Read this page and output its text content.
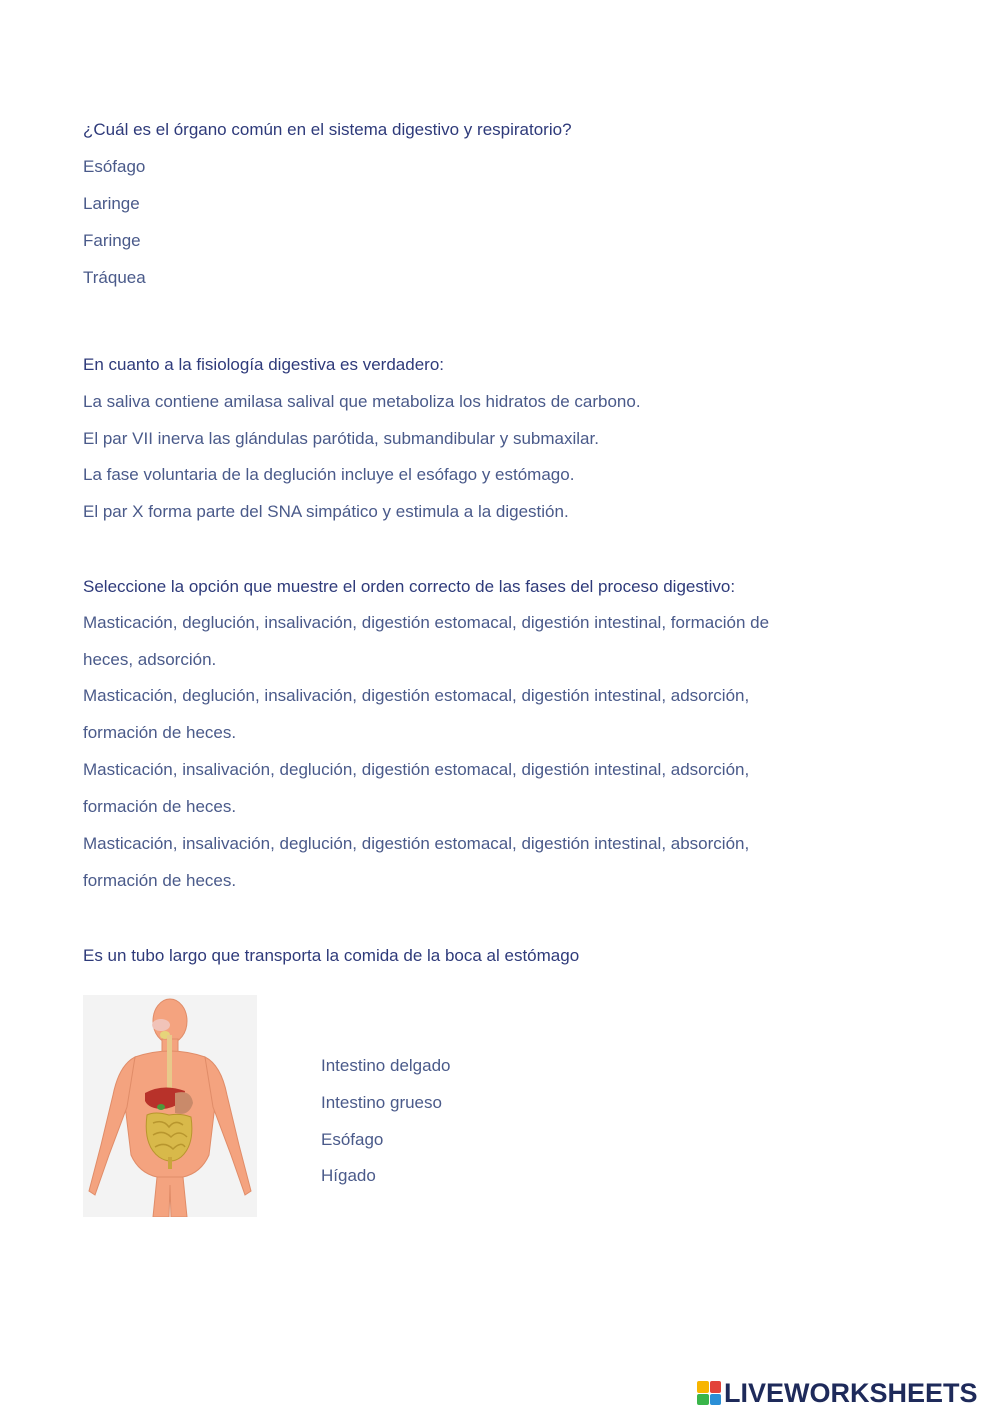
¿Cuál es el órgano común en el sistema digestivo y respiratorio?

Esófago

Laringe

Faringe

Tráquea

En cuanto a la fisiología digestiva es verdadero:

La saliva contiene amilasa salival que metaboliza los hidratos de carbono.

El par VII inerva las glándulas parótida, submandibular y submaxilar.

La fase voluntaria de la deglución incluye el esófago y estómago.

El par X forma parte del SNA simpático y estimula a la digestión.

Seleccione la opción que muestre el orden correcto de las fases del proceso digestivo:

Masticación, deglución, insalivación, digestión estomacal, digestión intestinal, formación de

heces, adsorción.

Masticación, deglución, insalivación, digestión estomacal, digestión intestinal, adsorción,

formación de heces.

Masticación, insalivación, deglución, digestión estomacal, digestión intestinal, adsorción,

formación de heces.

Masticación, insalivación, deglución, digestión estomacal, digestión intestinal, absorción,

formación de heces.

Es un tubo largo que transporta la comida de la boca al estómago

Intestino delgado

Intestino grueso

Esófago

Hígado

LIVEWORKSHEETS
